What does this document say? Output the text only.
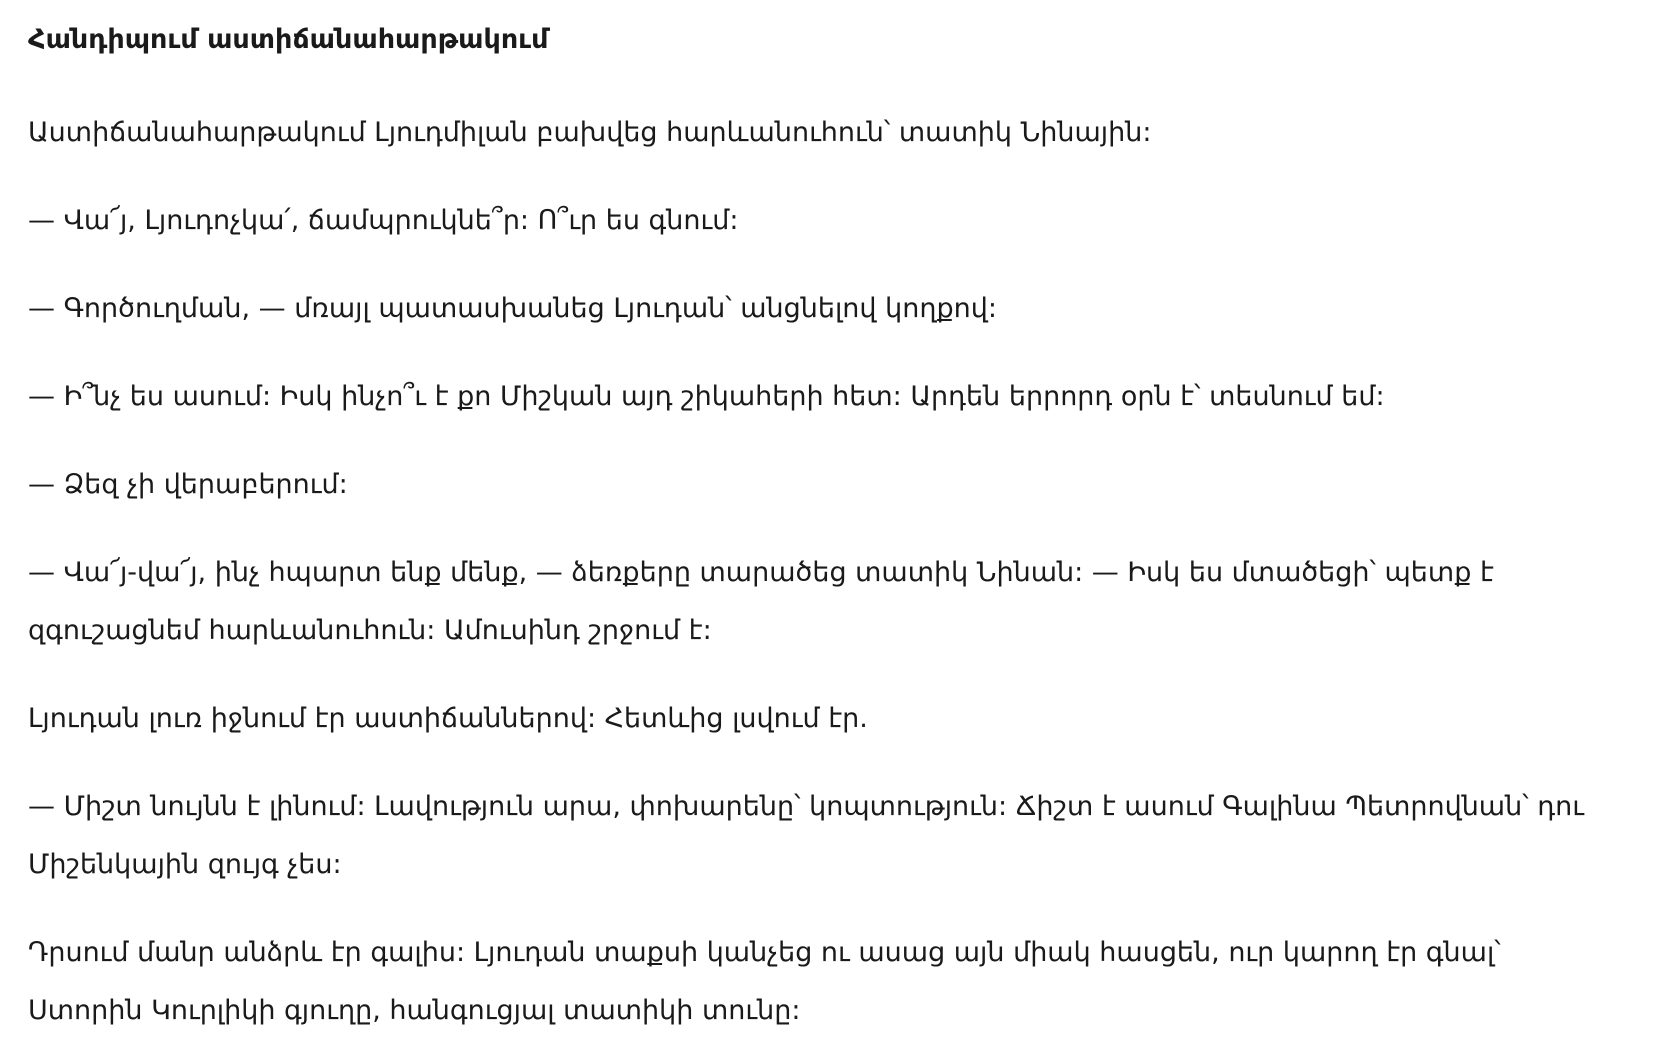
Հանդիպում աստիճանահարթակում

Աստիճանահարթակում Լյուդմիլան բախվեց հարևանուհուն՝ տատիկ Նինային:

— Վա՜յ, Լյուդոչկա՛, ճամպրուկնե՞ր: Ո՞ւր ես գնում:

— Գործուղման, — մռայլ պատասխանեց Լյուդան՝ անցնելով կողքով:

— Ի՞նչ ես ասում: Իսկ ինչո՞ւ է քո Միշկան այդ շիկահերի հետ: Արդեն երրորդ օրն է՝ տեսնում եմ:

— Ձեզ չի վերաբերում:

— Վա՜յ-վա՜յ, ինչ հպարտ ենք մենք, — ձեռքերը տարածեց տատիկ Նինան: — Իսկ ես մտածեցի՝ պետք է զգուշացնեմ հարևանուհուն: Ամուսինդ շրջում է:

Լյուդան լուռ իջնում էր աստիճաններով: Հետևից լսվում էր.

— Միշտ նույնն է լինում: Լավություն արա, փոխարենը՝ կոպտություն: Ճիշտ է ասում Գալինա Պետրովնան՝ դու Միշենկային զույգ չես:

Դրսում մանր անձրև էր գալիս: Լյուդան տաքսի կանչեց ու ասաց այն միակ հասցեն, ուր կարող էր գնալ՝ Ստորին Կուրլիկի գյուղը, հանգուցյալ տատիկի տունը:
